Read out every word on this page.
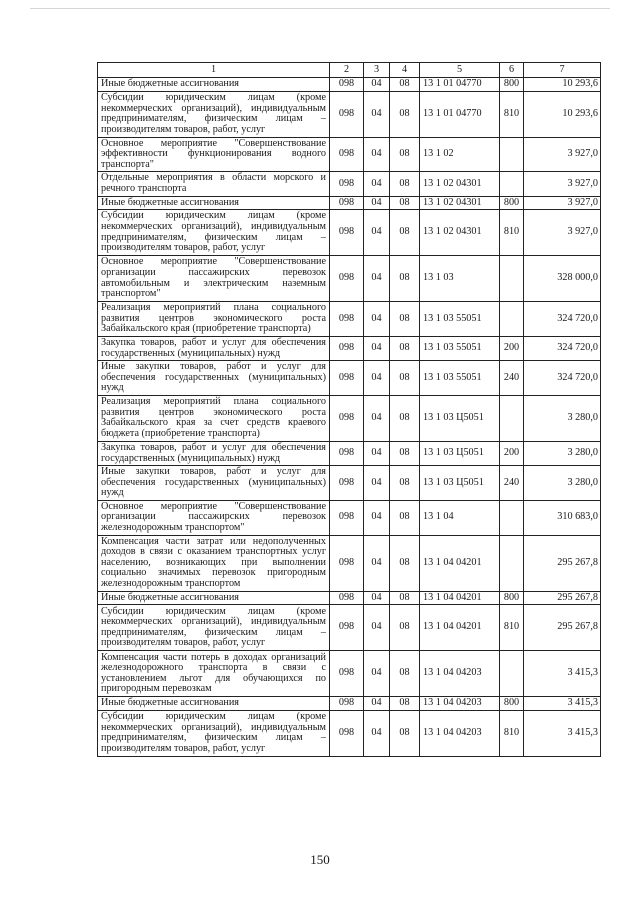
1	2	3	4	5	6	7
Иные бюджетные ассигнования	098	04	08	13 1 01 04770	800	10 293,6
Субсидии юридическим лицам (кроме некоммерческих организаций), индивидуальным предпринимателям, физическим лицам – производителям товаров, работ, услуг	098	04	08	13 1 01 04770	810	10 293,6
Основное мероприятие "Совершенствование эффективности функционирования водного транспорта"	098	04	08	13 1 02		3 927,0
Отдельные мероприятия в области морского и речного транспорта	098	04	08	13 1 02 04301		3 927,0
Иные бюджетные ассигнования	098	04	08	13 1 02 04301	800	3 927,0
Субсидии юридическим лицам (кроме некоммерческих организаций), индивидуальным предпринимателям, физическим лицам – производителям товаров, работ, услуг	098	04	08	13 1 02 04301	810	3 927,0
Основное мероприятие "Совершенствование организации пассажирских перевозок автомобильным и электрическим наземным транспортом"	098	04	08	13 1 03		328 000,0
Реализация мероприятий плана социального развития центров экономического роста Забайкальского края (приобретение транспорта)	098	04	08	13 1 03 55051		324 720,0
Закупка товаров, работ и услуг для обеспечения государственных (муниципальных) нужд	098	04	08	13 1 03 55051	200	324 720,0
Иные закупки товаров, работ и услуг для обеспечения государственных (муниципальных) нужд	098	04	08	13 1 03 55051	240	324 720,0
Реализация мероприятий плана социального развития центров экономического роста Забайкальского края за счет средств краевого бюджета (приобретение транспорта)	098	04	08	13 1 03 Ц5051		3 280,0
Закупка товаров, работ и услуг для обеспечения государственных (муниципальных) нужд	098	04	08	13 1 03 Ц5051	200	3 280,0
Иные закупки товаров, работ и услуг для обеспечения государственных (муниципальных) нужд	098	04	08	13 1 03 Ц5051	240	3 280,0
Основное мероприятие "Совершенствование организации пассажирских перевозок железнодорожным транспортом"	098	04	08	13 1 04		310 683,0
Компенсация части затрат или недополученных доходов в связи с оказанием транспортных услуг населению, возникающих при выполнении социально значимых перевозок пригородным железнодорожным транспортом	098	04	08	13 1 04 04201		295 267,8
Иные бюджетные ассигнования	098	04	08	13 1 04 04201	800	295 267,8
Субсидии юридическим лицам (кроме некоммерческих организаций), индивидуальным предпринимателям, физическим лицам – производителям товаров, работ, услуг	098	04	08	13 1 04 04201	810	295 267,8
Компенсация части потерь в доходах организаций железнодорожного транспорта в связи с установлением льгот для обучающихся по пригородным перевозкам	098	04	08	13 1 04 04203		3 415,3
Иные бюджетные ассигнования	098	04	08	13 1 04 04203	800	3 415,3
Субсидии юридическим лицам (кроме некоммерческих организаций), индивидуальным предпринимателям, физическим лицам – производителям товаров, работ, услуг	098	04	08	13 1 04 04203	810	3 415,3
150
